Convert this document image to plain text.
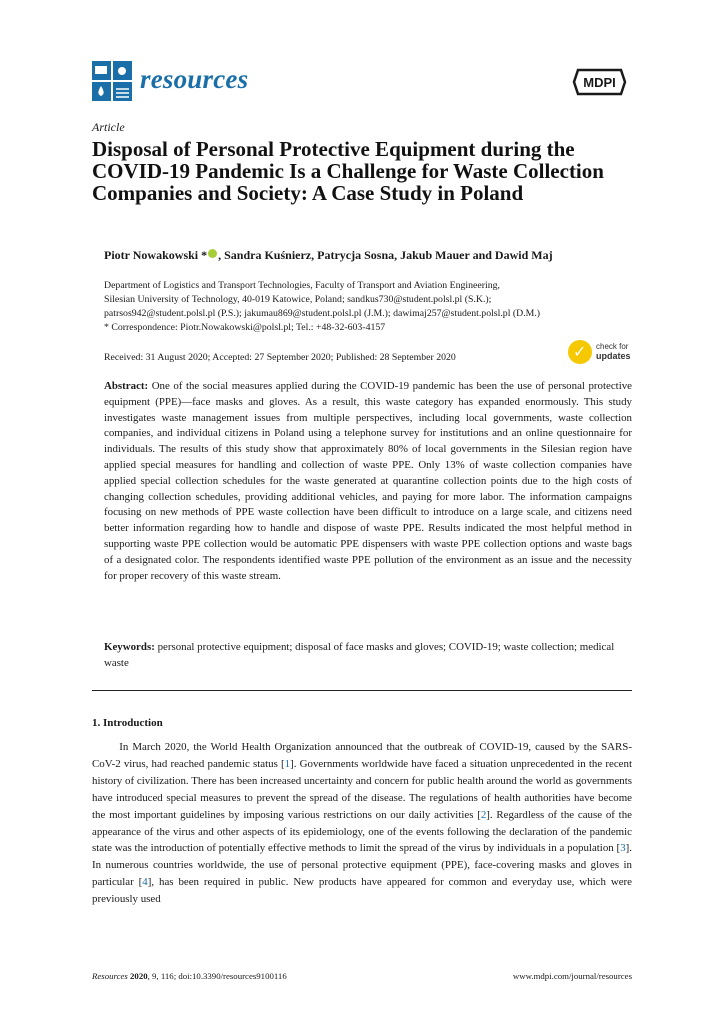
resources	MDPI
Article
Disposal of Personal Protective Equipment during the COVID-19 Pandemic Is a Challenge for Waste Collection Companies and Society: A Case Study in Poland
Piotr Nowakowski * , Sandra Kuśnierz, Patrycja Sosna, Jakub Mauer and Dawid Maj
Department of Logistics and Transport Technologies, Faculty of Transport and Aviation Engineering,
Silesian University of Technology, 40-019 Katowice, Poland; sandkus730@student.polsl.pl (S.K.);
patrsos942@student.polsl.pl (P.S.); jakumau869@student.polsl.pl (J.M.); dawimaj257@student.polsl.pl (D.M.)
* Correspondence: Piotr.Nowakowski@polsl.pl; Tel.: +48-32-603-4157
Received: 31 August 2020; Accepted: 27 September 2020; Published: 28 September 2020	✓ check for
updates
Abstract: One of the social measures applied during the COVID-19 pandemic has been the use of personal protective equipment (PPE)—face masks and gloves. As a result, this waste category has expanded enormously. This study investigates waste management issues from multiple perspectives, including local governments, waste collection companies, and individual citizens in Poland using a telephone survey for institutions and an online questionnaire for individuals. The results of this study show that approximately 80% of local governments in the Silesian region have applied special measures for handling and collection of waste PPE. Only 13% of waste collection companies have applied special collection schedules for the waste generated at quarantine collection points due to the high costs of changing collection schedules, providing additional vehicles, and paying for more labor. The information campaigns focusing on new methods of PPE waste collection have been difficult to introduce on a large scale, and citizens need better information regarding how to handle and dispose of waste PPE. Results indicated the most helpful method in supporting waste PPE collection would be automatic PPE dispensers with waste PPE collection options and waste bags of a designated color. The respondents identified waste PPE pollution of the environment as an issue and the necessity for proper recovery of this waste stream.
Keywords: personal protective equipment; disposal of face masks and gloves; COVID-19; waste collection; medical waste
1. Introduction
   In March 2020, the World Health Organization announced that the outbreak of COVID-19, caused by the SARS-CoV-2 virus, had reached pandemic status [1]. Governments worldwide have faced a situation unprecedented in the recent history of civilization. There has been increased uncertainty and concern for public health around the world as governments have introduced special measures to prevent the spread of the disease. The regulations of health authorities have become the most important guidelines by imposing various restrictions on our daily activities [2]. Regardless of the cause of the appearance of the virus and other aspects of its epidemiology, one of the events following the declaration of the pandemic state was the introduction of potentially effective methods to limit the spread of the virus by individuals in a population [3]. In numerous countries worldwide, the use of personal protective equipment (PPE), face-covering masks and gloves in particular [4], has been required in public. New products have appeared for common and everyday use, which were previously used
Resources 2020, 9, 116; doi:10.3390/resources9100116	www.mdpi.com/journal/resources
